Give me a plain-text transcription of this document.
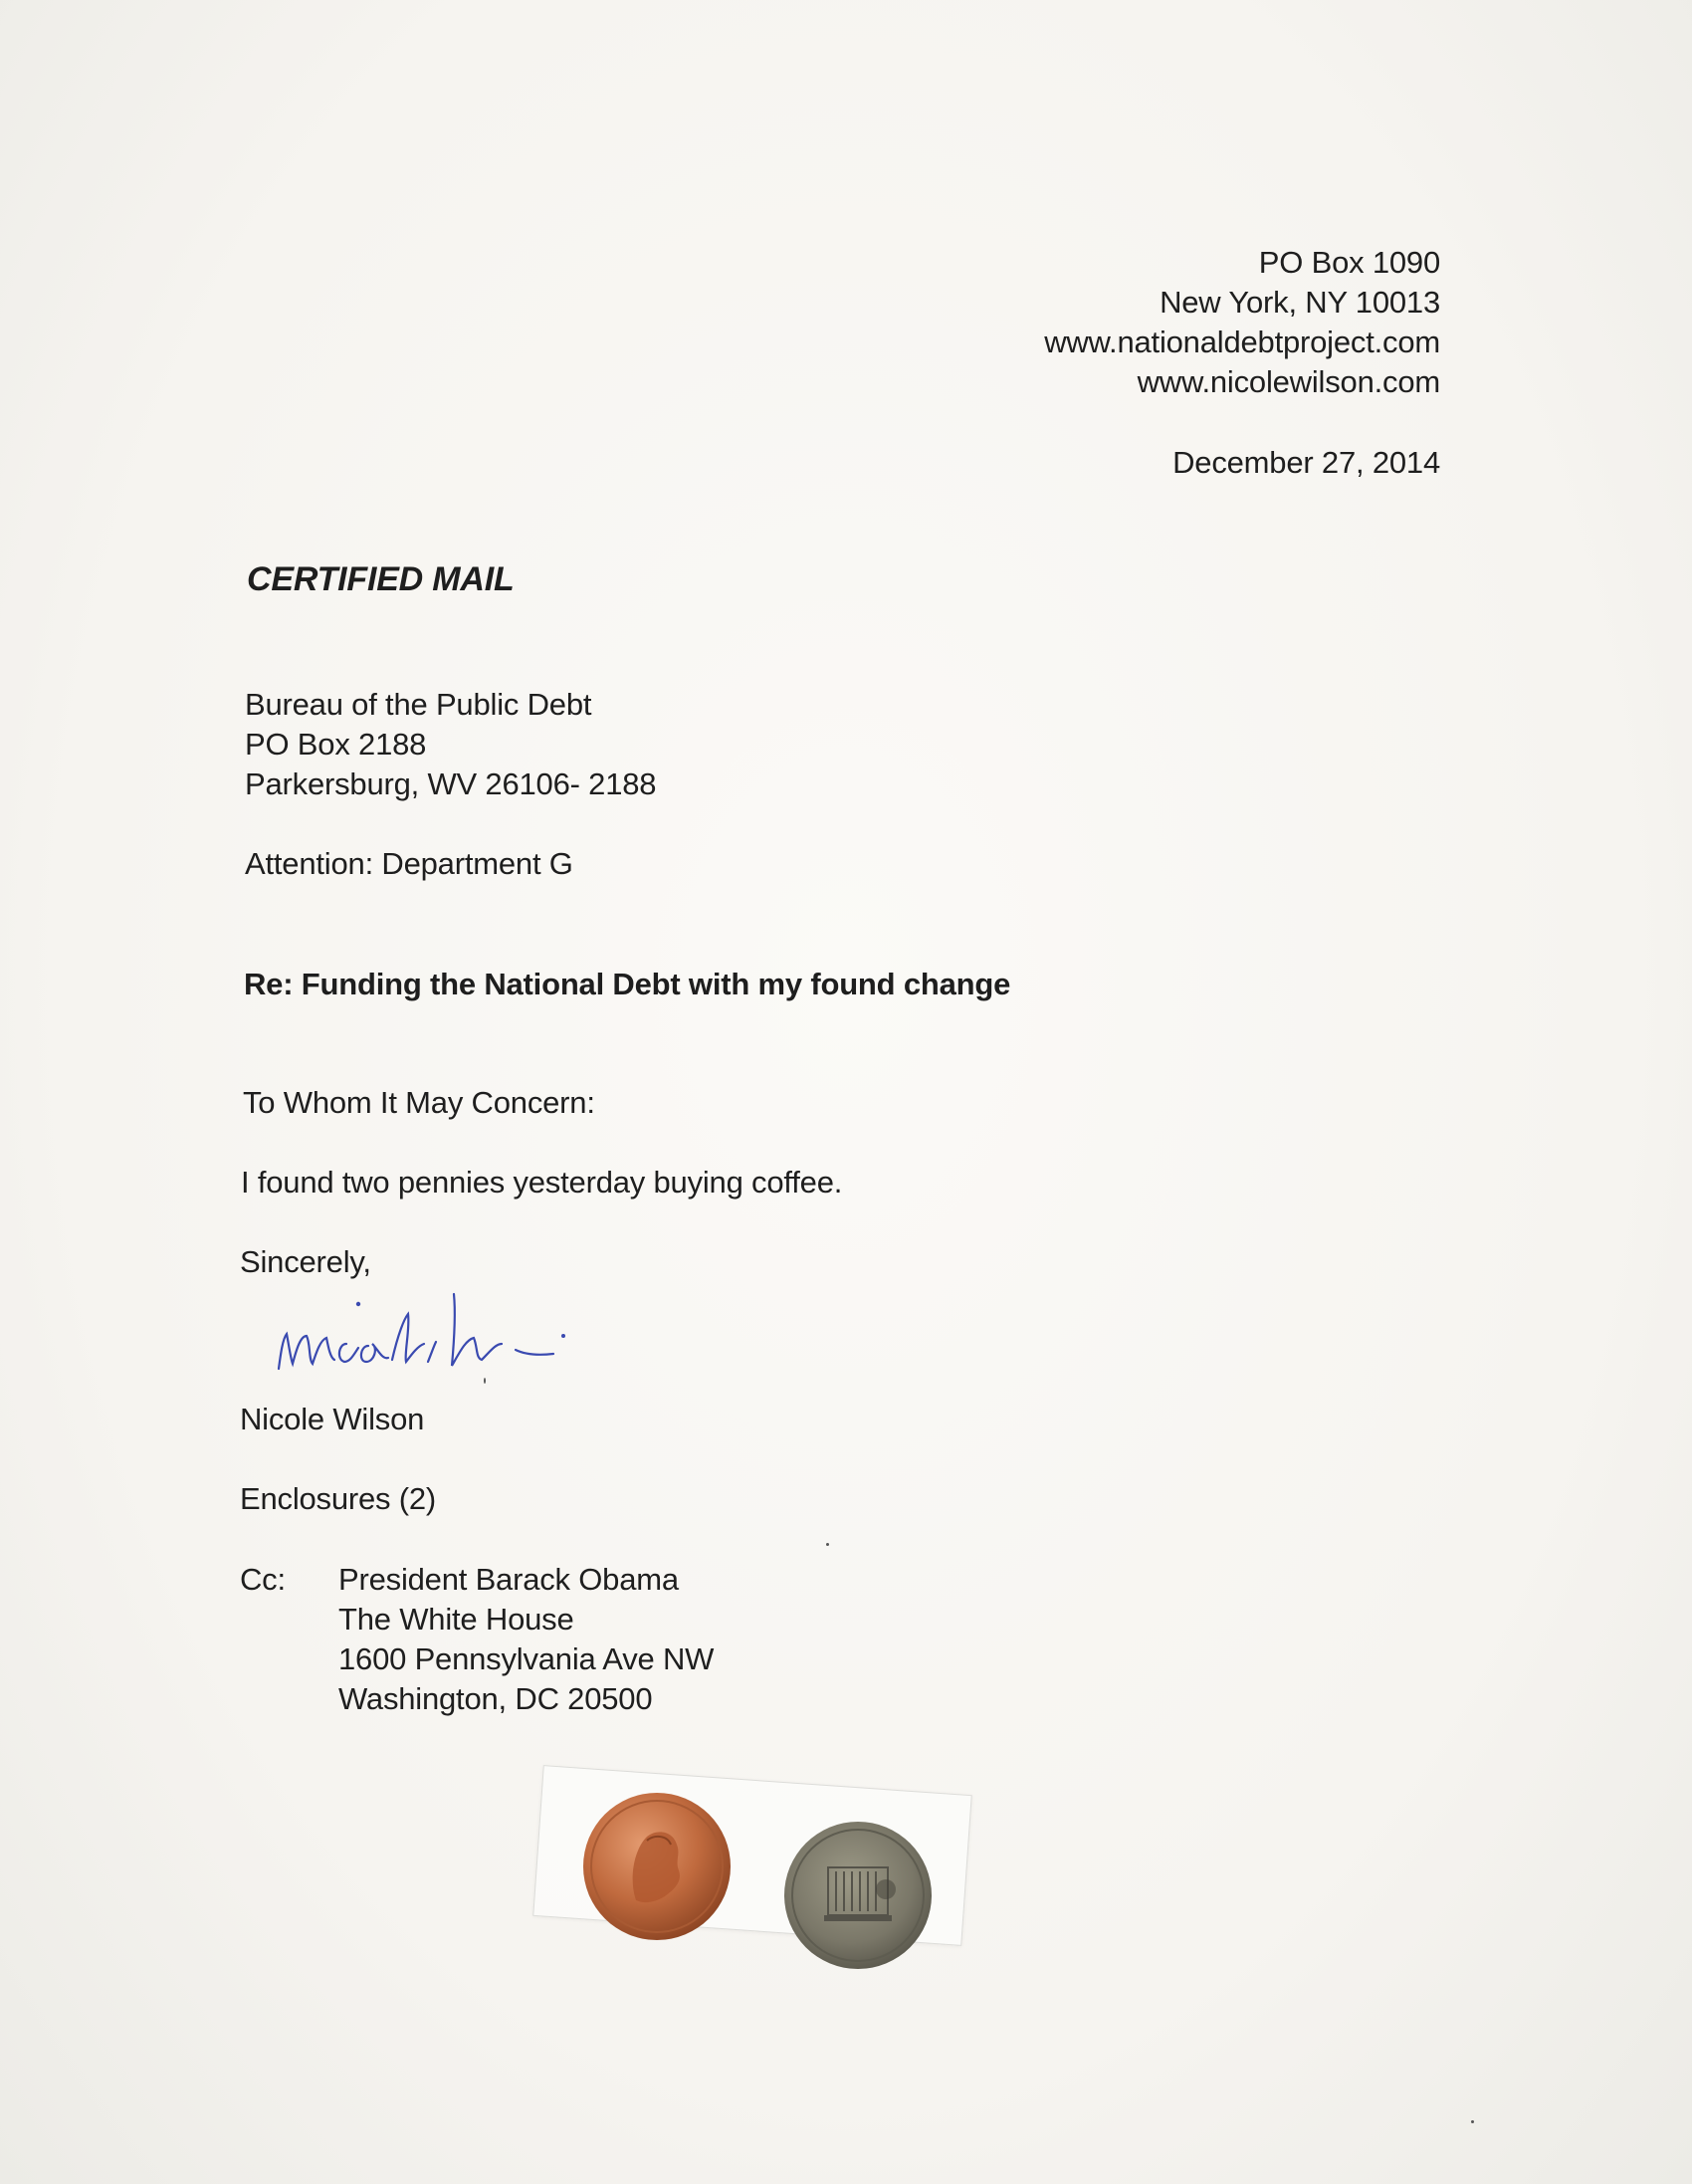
PO Box 1090
New York, NY 10013
www.nationaldebtproject.com
www.nicolewilson.com
December 27, 2014
CERTIFIED MAIL
Bureau of the Public Debt
PO Box 2188
Parkersburg, WV 26106- 2188
Attention: Department G
Re: Funding the National Debt with my found change
To Whom It May Concern:
I found two pennies yesterday buying coffee.
Sincerely,
Nicole Wilson
Enclosures (2)
Cc: President Barack Obama
The White House
1600 Pennsylvania Ave NW
Washington, DC 20500
